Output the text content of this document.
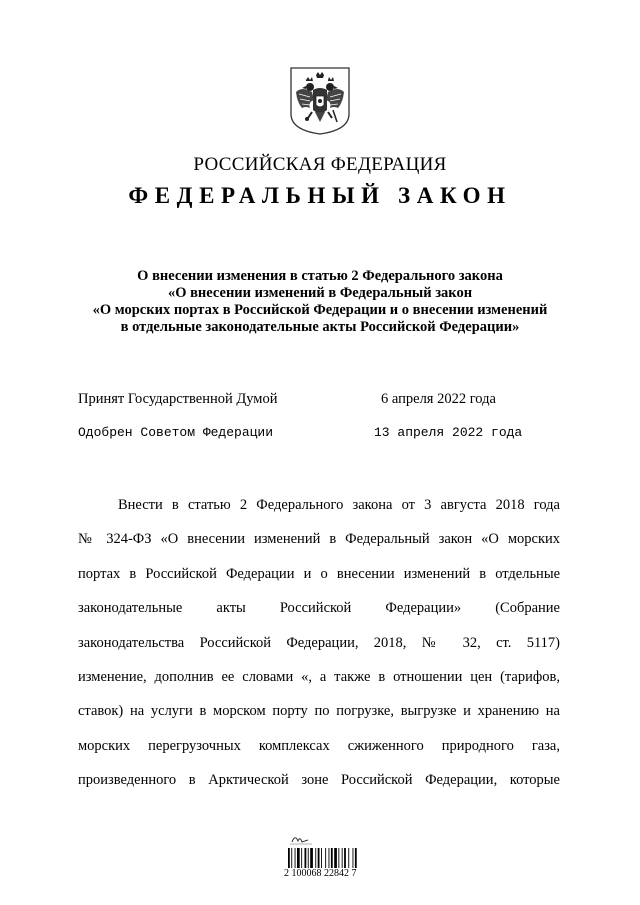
РОССИЙСКАЯ ФЕДЕРАЦИЯ
ФЕДЕРАЛЬНЫЙ ЗАКОН
О внесении изменения в статью 2 Федерального закона
«О внесении изменений в Федеральный закон
«О морских портах в Российской Федерации и о внесении изменений
в отдельные законодательные акты Российской Федерации»
Принят Государственной Думой	6 апреля 2022 года
Одобрен Советом Федерации	13 апреля 2022 года
Внести в статью 2 Федерального закона от 3 августа 2018 года
№ 324-ФЗ «О внесении изменений в Федеральный закон «О морских
портах в Российской Федерации и о внесении изменений в отдельные
законодательные акты Российской Федерации» (Собрание
законодательства Российской Федерации, 2018, № 32, ст. 5117)
изменение, дополнив ее словами «, а также в отношении цен (тарифов,
ставок) на услуги в морском порту по погрузке, выгрузке и хранению на
морских перегрузочных комплексах сжиженного природного газа,
произведенного в Арктической зоне Российской Федерации, которые
2 100068 22842 7
